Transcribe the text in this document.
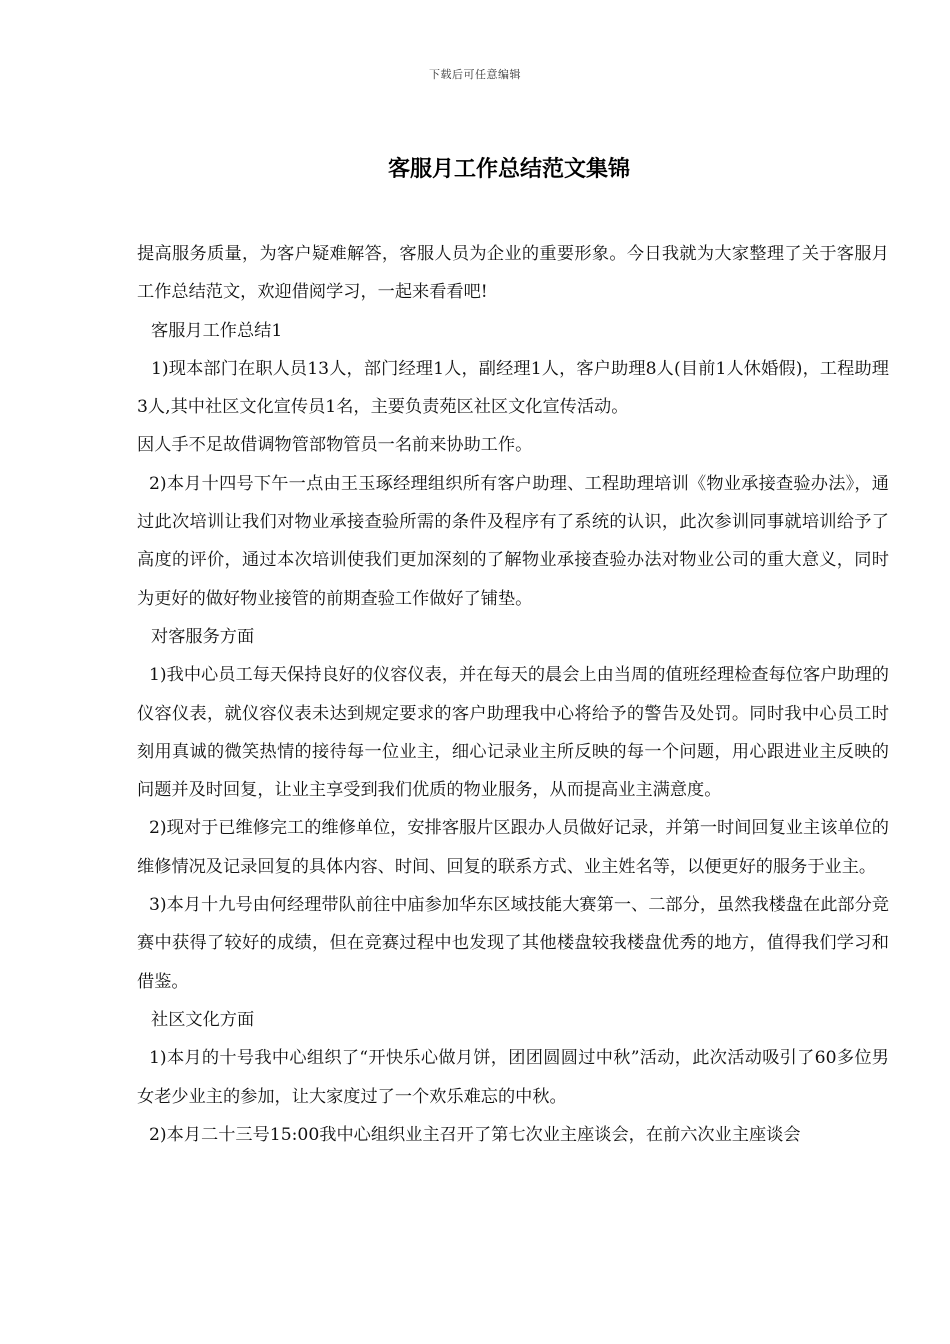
下载后可任意编辑
客服月工作总结范文集锦

提高服务质量，为客户疑难解答，客服人员为企业的重要形象。今日我就为大家整理了关于客服月工作总结范文，欢迎借阅学习，一起来看看吧!

客服月工作总结1

1)现本部门在职人员13人，部门经理1人，副经理1人，客户助理8人(目前1人休婚假)，工程助理3人,其中社区文化宣传员1名，主要负责苑区社区文化宣传活动。

因人手不足故借调物管部物管员一名前来协助工作。

2)本月十四号下午一点由王玉琢经理组织所有客户助理、工程助理培训《物业承接查验办法》，通过此次培训让我们对物业承接查验所需的条件及程序有了系统的认识，此次参训同事就培训给予了高度的评价，通过本次培训使我们更加深刻的了解物业承接查验办法对物业公司的重大意义，同时为更好的做好物业接管的前期查验工作做好了铺垫。

对客服务方面

1)我中心员工每天保持良好的仪容仪表，并在每天的晨会上由当周的值班经理检查每位客户助理的仪容仪表，就仪容仪表未达到规定要求的客户助理我中心将给予的警告及处罚。同时我中心员工时刻用真诚的微笑热情的接待每一位业主，细心记录业主所反映的每一个问题，用心跟进业主反映的问题并及时回复，让业主享受到我们优质的物业服务，从而提高业主满意度。

2)现对于已维修完工的维修单位，安排客服片区跟办人员做好记录，并第一时间回复业主该单位的维修情况及记录回复的具体内容、时间、回复的联系方式、业主姓名等，以便更好的服务于业主。

3)本月十九号由何经理带队前往中庙参加华东区域技能大赛第一、二部分，虽然我楼盘在此部分竞赛中获得了较好的成绩，但在竞赛过程中也发现了其他楼盘较我楼盘优秀的地方，值得我们学习和借鉴。

社区文化方面

1)本月的十号我中心组织了“开快乐心做月饼，团团圆圆过中秋”活动，此次活动吸引了60多位男女老少业主的参加，让大家度过了一个欢乐难忘的中秋。

2)本月二十三号15:00我中心组织业主召开了第七次业主座谈会，在前六次业主座谈会
